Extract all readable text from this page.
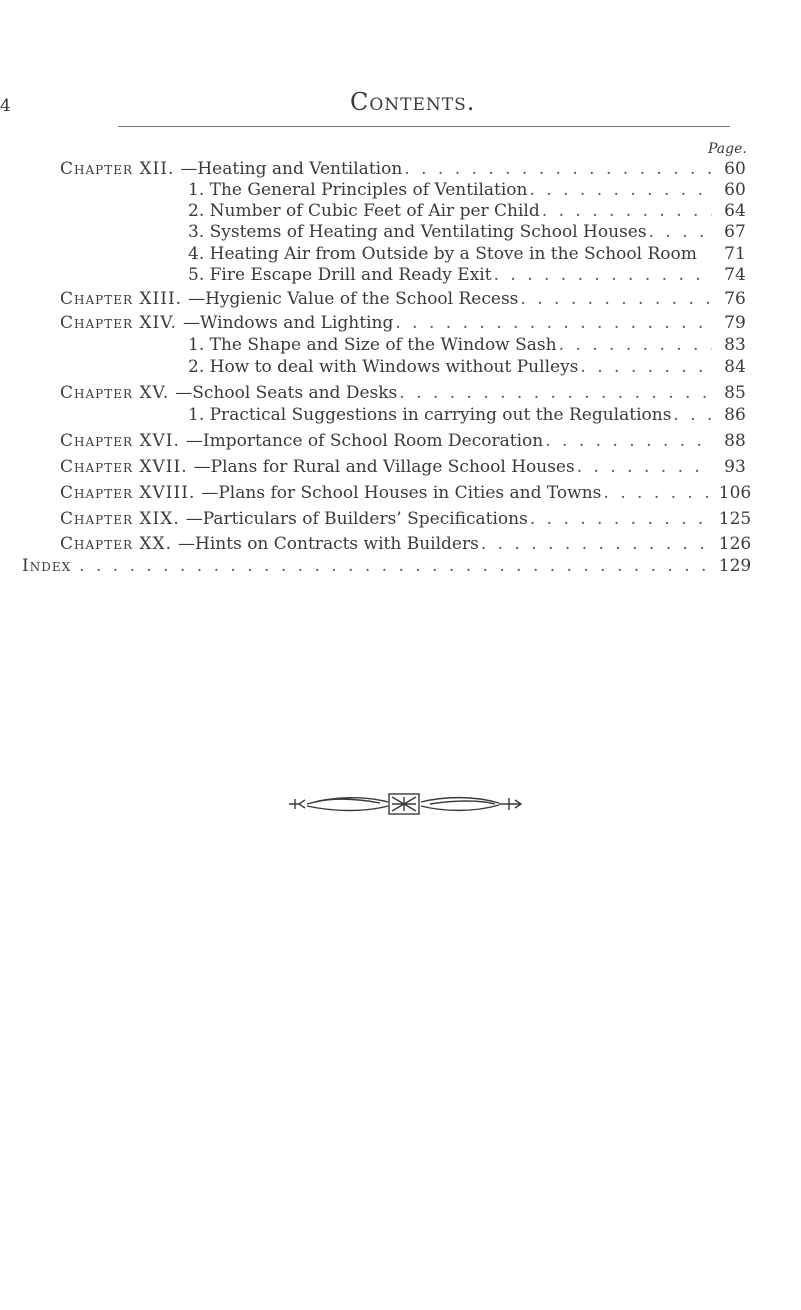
4	Contents.
Page.
Chapter XII. —Heating and Ventilation . . .	60
1. The General Principles of Ventilation . . .	60
2. Number of Cubic Feet of Air per Child . . .	64
3. Systems of Heating and Ventilating School Houses . . .	67
4. Heating Air from Outside by a Stove in the School Room	71
5. Fire Escape Drill and Ready Exit . . .	74
Chapter XIII. —Hygienic Value of the School Recess . . .	76
Chapter XIV. —Windows and Lighting . . .	79
1. The Shape and Size of the Window Sash . . .	83
2. How to deal with Windows without Pulleys . . .	84
Chapter XV. —School Seats and Desks . . .	85
1. Practical Suggestions in carrying out the Regulations . . .	86
Chapter XVI. —Importance of School Room Decoration . . .	88
Chapter XVII. —Plans for Rural and Village School Houses . . .	93
Chapter XVIII. —Plans for School Houses in Cities and Towns . . .	106
Chapter XIX. —Particulars of Builders’ Specifications . . .	125
Chapter XX. —Hints on Contracts with Builders . . .	126
Index . . .	129
